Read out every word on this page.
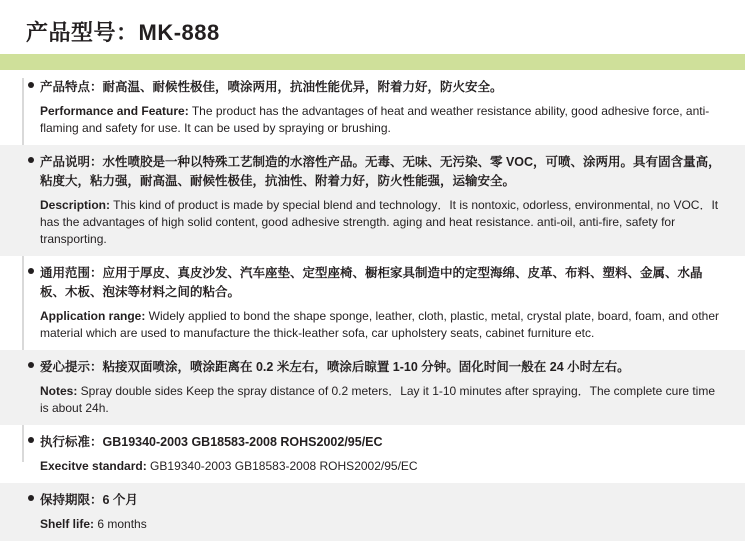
产品型号：MK-888

产品特点：耐高温、耐候性极佳，喷涂两用，抗油性能优异，附着力好，防火安全。

Performance and Feature: The product has the advantages of heat and weather resistance ability, good adhesive force, anti-flaming and safety for use. It can be used by spraying or brushing.

产品说明：水性喷胶是一种以特殊工艺制造的水溶性产品。无毒、无味、无污染、零 VOC，可喷、涂两用。具有固含量高，粘度大，粘力强，耐高温、耐候性极佳，抗油性、附着力好，防火性能强，运输安全。

Description: This kind of product is made by special blend and technology．It is nontoxic, odorless, environmental, no VOC．It has the advantages of high solid content, good adhesive strength. aging and heat resistance. anti-oil, anti-fire, safety for transporting.

通用范围：应用于厚皮、真皮沙发、汽车座垫、定型座椅、橱柜家具制造中的定型海绵、皮革、布料、塑料、金属、水晶板、木板、泡沫等材料之间的粘合。

Application range: Widely applied to bond the shape sponge, leather, cloth, plastic, metal, crystal plate, board, foam, and other material which are used to manufacture the thick-leather sofa, car upholstery seats, cabinet furniture etc.

爱心提示：粘接双面喷涂，喷涂距离在 0.2 米左右，喷涂后晾置 1-10 分钟。固化时间一般在 24 小时左右。

Notes: Spray double sides Keep the spray distance of 0.2 meters．Lay it 1-10 minutes after spraying．The complete cure time is about 24h.

执行标准：GB19340-2003 GB18583-2008 ROHS2002/95/EC

Execitve standard: GB19340-2003 GB18583-2008 ROHS2002/95/EC

保持期限：6 个月

Shelf life: 6 months
